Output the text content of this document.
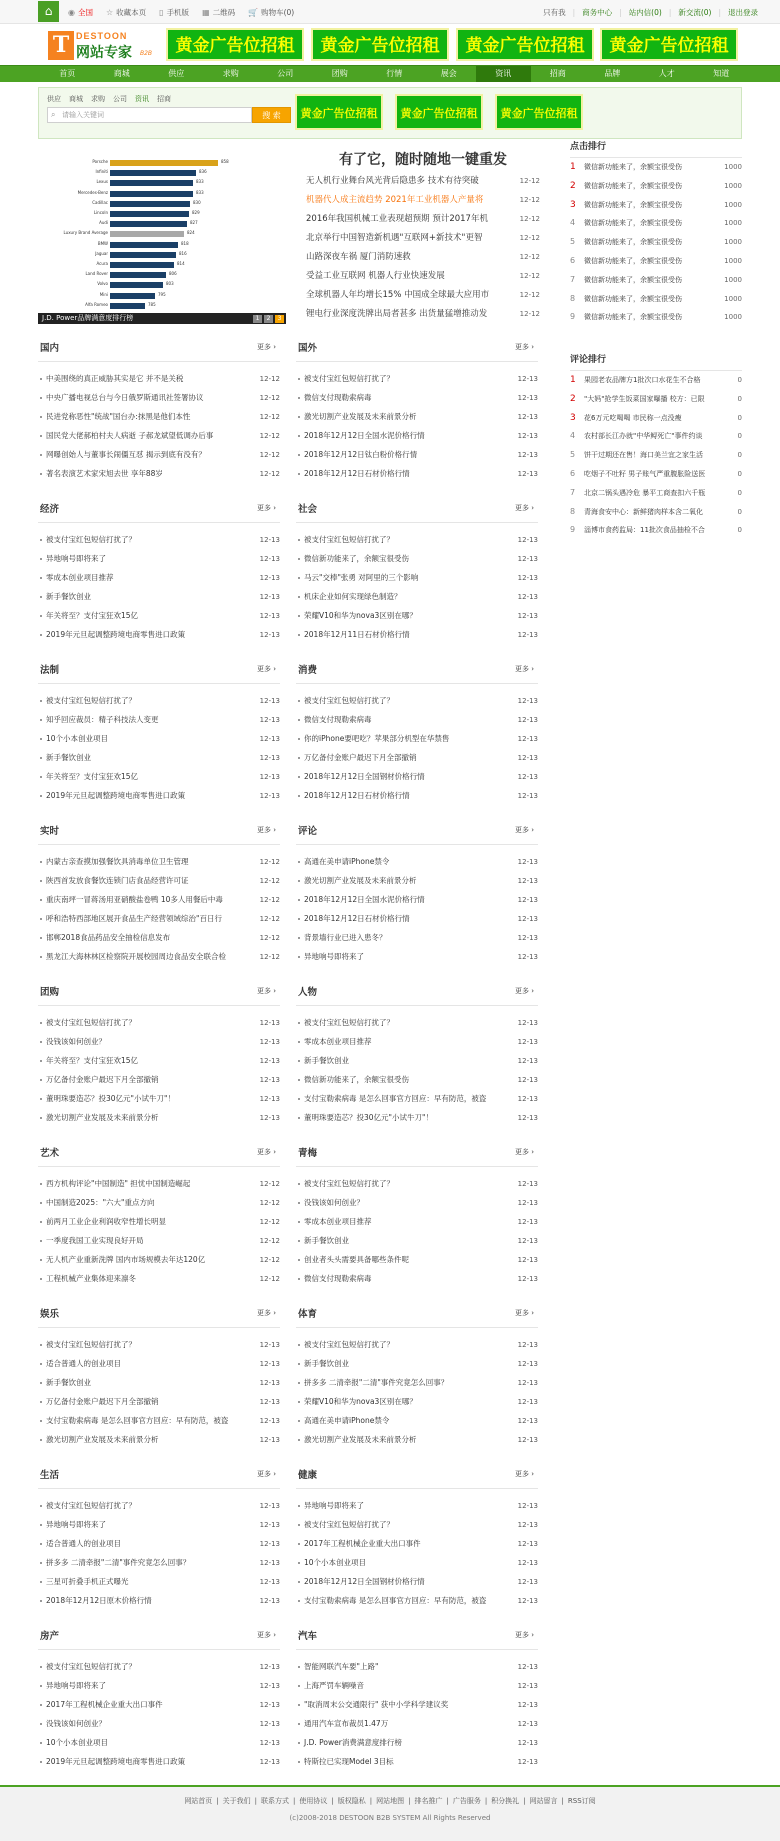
⌂	◉ 全国 ☆ 收藏本页 ▯ 手机版 ▦ 二维码 🛒 购物车(0)	只有我 | 商务中心 | 站内信(0) | 新交流(0) | 退出登录
T DESTOON
网站专家 B2B	黄金广告位招租	黄金广告位招租	黄金广告位招租	黄金广告位招租
首页	商城	供应	求购	公司	团购	行情	展会	资讯	招商	品牌	人才	知道
供应 商城 求购 公司 资讯 招商
⌕ 请输入关键词	搜 索	黄金广告位招租	黄金广告位招租	黄金广告位招租
Porsche	858
Infiniti	836
Lexus	833
Mercedes-Benz	833
Cadillac	830
Lincoln	829
Audi	827
Luxury Brand Average	824
BMW	818
Jaguar	816
Acura	814
Land Rover	806
Volvo	803
Mini	795
Alfa Romeo	785
J.D. Power品牌满意度排行榜	1	2	3
有了它，随时随地一键重发
无人机行业舞台风光背后隐患多 技术有待突破	12-12
机器代人成主流趋势 2021年工业机器人产量将	12-12
2016年我国机械工业表现超预期 预计2017年机	12-12
北京举行中国智造新机遇"互联网+新技术"更智	12-12
山路深夜车祸 厦门消防速救	12-12
受益工业互联网 机器人行业快速发展	12-12
全球机器人年均增长15% 中国成全球最大应用市	12-12
锂电行业深度洗牌出局者甚多 出货量猛增推动发	12-12
点击排行
1	微信新功能来了，余额宝很受伤	1000
2	微信新功能来了，余额宝很受伤	1000
3	微信新功能来了，余额宝很受伤	1000
4	微信新功能来了，余额宝很受伤	1000
5	微信新功能来了，余额宝很受伤	1000
6	微信新功能来了，余额宝很受伤	1000
7	微信新功能来了，余额宝很受伤	1000
8	微信新功能来了，余额宝很受伤	1000
9	微信新功能来了，余额宝很受伤	1000
评论排行
1	果园老农品牌方1批次口水花生不合格	0
2	"大妈"抢学生饭菜国家曝播 校方：已限	0
3	花6万元吃喝喝 市民称一点没瘦	0
4	农村部长江办就"中华鲟死亡"事件约谈	0
5	饼干过期还在售！海口美兰宜之家生活	0
6	吃烟子不吐籽 男子账气严重腹胀险送医	0
7	北京二锅头遇冷危 暴平工商查扣六千瓶	0
8	青海食安中心：新鲜猪肉样本含二氧化	0
9	淄博市食药监局：11批次食品抽检不合	0
国内	更多 ›
中美围绕的真正威胁其实是它 并不是关税	12-12
中央广播电视总台与今日俄罗斯通讯社签署协议	12-12
民进党称恶性"统战"国台办:抹黑是他们本性	12-12
国民党大佬郝柏村夫人病逝 子郝龙斌望低调办后事	12-12
网曝创始人与董事长闹僵互怼 揭示到底有没有？	12-12
著名表演艺术家宋旭去世 享年88岁	12-12
国外	更多 ›
被支付宝红包短信打扰了？	12-13
微信支付现勒索病毒	12-13
激光切割产业发展及未来前景分析	12-13
2018年12月12日全国水泥价格行情	12-13
2018年12月12日钛白粉价格行情	12-13
2018年12月12日石材价格行情	12-13
经济	更多 ›
被支付宝红包短信打扰了？	12-13
异地响号即将来了	12-13
零成本创业项目推荐	12-13
新手餐饮创业	12-13
年关将至？支付宝狂欢15亿	12-13
2019年元旦起调整跨境电商零售进口政策	12-13
社会	更多 ›
被支付宝红包短信打扰了？	12-13
微信新功能来了，余额宝很受伤	12-13
马云"交棒"张勇 对阿里的三个影响	12-13
机床企业如何实现绿色制造？	12-13
荣耀V10和华为nova3区别在哪？	12-13
2018年12月11日石材价格行情	12-13
法制	更多 ›
被支付宝红包短信打扰了？	12-13
知乎回应裁员：精子科技法人变更	12-13
10个小本创业项目	12-13
新手餐饮创业	12-13
年关将至？支付宝狂欢15亿	12-13
2019年元旦起调整跨境电商零售进口政策	12-13
消费	更多 ›
被支付宝红包短信打扰了？	12-13
微信支付现勒索病毒	12-13
你的iPhone要吧吃？苹果部分机型在华禁售	12-13
万亿备付金账户最迟下月全部撤销	12-13
2018年12月12日全国钢材价格行情	12-13
2018年12月12日石材价格行情	12-13
实时	更多 ›
内蒙古亲查摸加强餐饮具消毒单位卫生管理	12-12
陕西首发放食餐饮连锁门店食品经营许可证	12-12
重庆南坪一冒蒋汤用亚硝酸盐卷鸭 10多人用餐后中毒	12-12
呼和浩特西部地区展开食品生产经营领域综治"百日行	12-12
邯郸2018食品药品安全抽检信息发布	12-12
黑龙江大海林林区检察院开展校园周边食品安全联合检	12-12
评论	更多 ›
高通在美申请iPhone禁令	12-13
激光切割产业发展及未来前景分析	12-13
2018年12月12日全国水泥价格行情	12-13
2018年12月12日石材价格行情	12-13
背景墙行业已进入患冬？	12-13
异地响号即将来了	12-13
团购	更多 ›
被支付宝红包短信打扰了？	12-13
没钱该如何创业？	12-13
年关将至？支付宝狂欢15亿	12-13
万亿备付金账户最迟下月全部撤销	12-13
董明珠要造芯？投30亿元"小试牛刀"！	12-13
激光切割产业发展及未来前景分析	12-13
人物	更多 ›
被支付宝红包短信打扰了？	12-13
零成本创业项目推荐	12-13
新手餐饮创业	12-13
微信新功能来了，余额宝很受伤	12-13
支付宝勒索病毒 是怎么回事官方回应：早有防范，被盗	12-13
董明珠要造芯？投30亿元"小试牛刀"！	12-13
艺术	更多 ›
西方机构评论"中国制造" 担忧中国制造崛起	12-12
中国制造2025："六大"重点方向	12-12
前两月工业企业利润收窄性增长明显	12-12
一季度我国工业实现良好开局	12-12
无人机产业重新洗牌 国内市场规模去年达120亿	12-12
工程机械产业集体迎来凛冬	12-12
青梅	更多 ›
被支付宝红包短信打扰了？	12-13
没钱该如何创业？	12-13
零成本创业项目推荐	12-13
新手餐饮创业	12-13
创业者头头需要具备哪些条件呢	12-13
微信支付现勒索病毒	12-13
娱乐	更多 ›
被支付宝红包短信打扰了？	12-13
适合普通人的创业项目	12-13
新手餐饮创业	12-13
万亿备付金账户最迟下月全部撤销	12-13
支付宝勒索病毒 是怎么回事官方回应：早有防范，被盗	12-13
激光切割产业发展及未来前景分析	12-13
体育	更多 ›
被支付宝红包短信打扰了？	12-13
新手餐饮创业	12-13
拼多多 二清牵报"二清"事件究竟怎么回事？	12-13
荣耀V10和华为nova3区别在哪？	12-13
高通在美申请iPhone禁令	12-13
激光切割产业发展及未来前景分析	12-13
生活	更多 ›
被支付宝红包短信打扰了？	12-13
异地响号即将来了	12-13
适合普通人的创业项目	12-13
拼多多 二清牵报"二清"事件究竟怎么回事？	12-13
三星可折叠手机正式曝光	12-13
2018年12月12日原木价格行情	12-13
健康	更多 ›
异地响号即将来了	12-13
被支付宝红包短信打扰了？	12-13
2017年工程机械企业重大出口事件	12-13
10个小本创业项目	12-13
2018年12月12日全国钢材价格行情	12-13
支付宝勒索病毒 是怎么回事官方回应：早有防范，被盗	12-13
房产	更多 ›
被支付宝红包短信打扰了？	12-13
异地响号即将来了	12-13
2017年工程机械企业重大出口事件	12-13
没钱该如何创业？	12-13
10个小本创业项目	12-13
2019年元旦起调整跨境电商零售进口政策	12-13
汽车	更多 ›
智能网联汽车要"上路"	12-13
上海严罚车辆噪音	12-13
"取消周末公交通限行" 获中小学科学建议奖	12-13
通用汽车宣布裁员1.47万	12-13
J.D. Power消费满意度排行榜	12-13
特斯拉已实现Model 3目标	12-13
网站首页 | 关于我们 | 联系方式 | 使用协议 | 版权隐私 | 网站地图 | 排名推广 | 广告服务 | 积分换礼 | 网站留言 | RSS订阅
(c)2008-2018 DESTOON B2B SYSTEM All Rights Reserved
